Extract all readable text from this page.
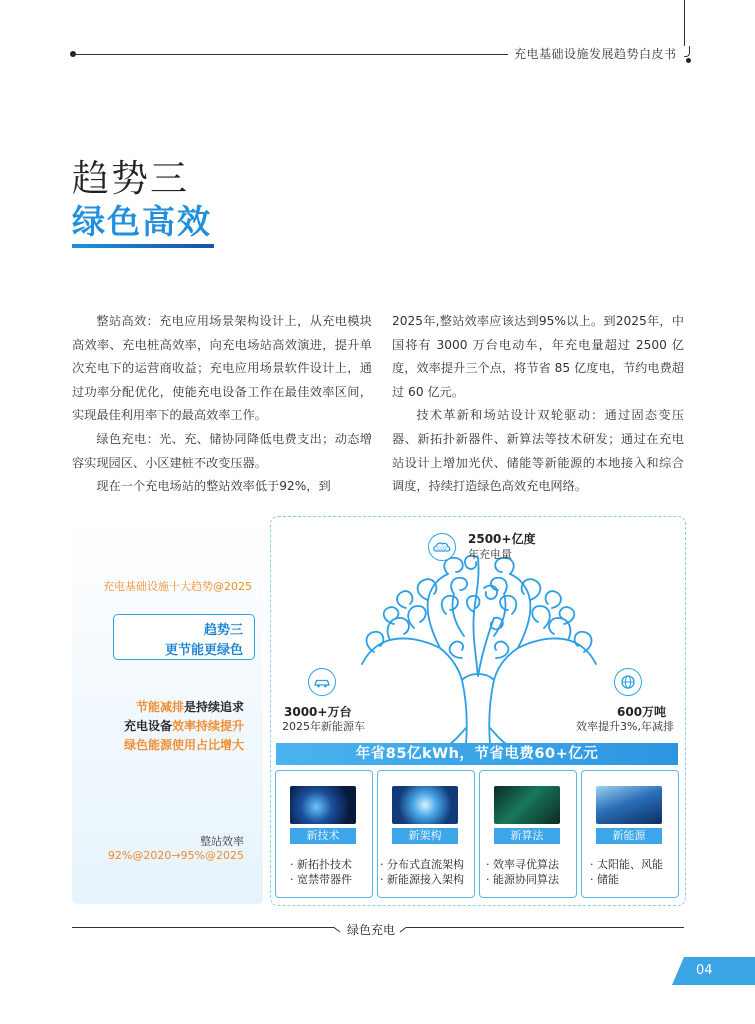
充电基础设施发展趋势白皮书
趋势三
绿色高效

整站高效：充电应用场景架构设计上，从充电模块高效率、充电桩高效率，向充电场站高效演进，提升单次充电下的运营商收益；充电应用场景软件设计上，通过功率分配优化，使能充电设备工作在最佳效率区间，实现最佳利用率下的最高效率工作。

绿色充电：光、充、储协同降低电费支出；动态增容实现园区、小区建桩不改变压器。

现在一个充电场站的整站效率低于92%，到

2025年,整站效率应该达到95%以上。到2025年，中国将有 3000 万台电动车，年充电量超过 2500 亿度，效率提升三个点，将节省 85 亿度电，节约电费超过 60 亿元。

技术革新和场站设计双轮驱动：通过固态变压器、新拓扑新器件、新算法等技术研发；通过在充电站设计上增加光伏、储能等新能源的本地接入和综合调度，持续打造绿色高效充电网络。

充电基础设施十大趋势@2025
趋势三
更节能更绿色
节能减排是持续追求
充电设备效率持续提升
绿色能源使用占比增大
整站效率
92%@2020→95%@2025
CO2
2500+亿度
年充电量
3000+万台
2025年新能源车
600万吨
效率提升3%,年减排
年省85亿kWh，节省电费60+亿元
新技术
· 新拓扑技术
· 宽禁带器件
新架构
· 分布式直流架构
· 新能源接入架构
新算法
· 效率寻优算法
· 能源协同算法
新能源
· 太阳能、风能
· 储能
绿色充电
04
